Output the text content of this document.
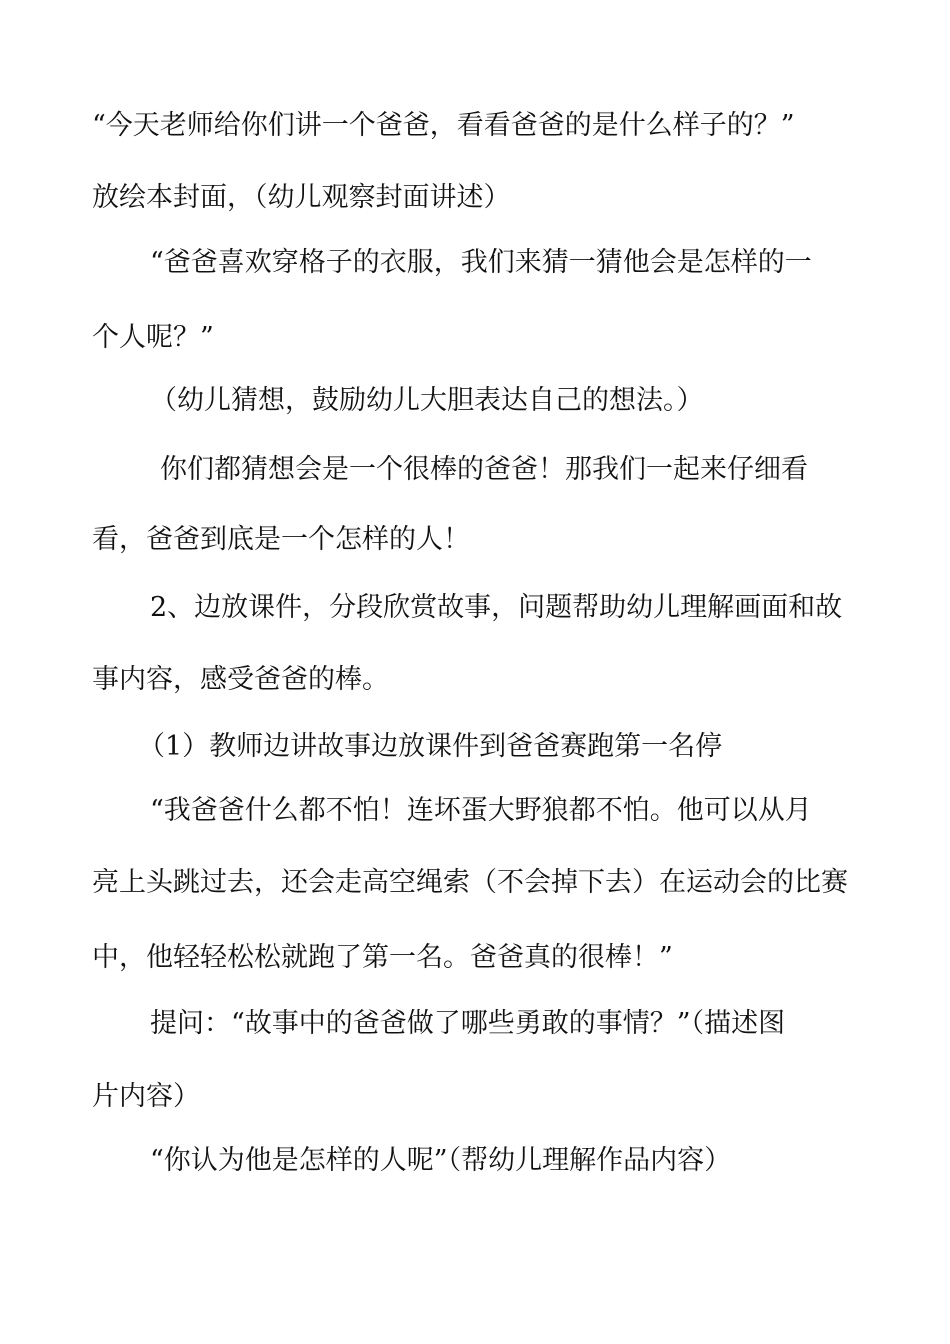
“今天老师给你们讲一个爸爸，看看爸爸的是什么样子的？”

放绘本封面，（幼儿观察封面讲述）

“爸爸喜欢穿格子的衣服，我们来猜一猜他会是怎样的一

个人呢？”

（幼儿猜想，鼓励幼儿大胆表达自己的想法。）

你们都猜想会是一个很棒的爸爸！那我们一起来仔细看

看，爸爸到底是一个怎样的人！

2、边放课件，分段欣赏故事，问题帮助幼儿理解画面和故

事内容，感受爸爸的棒。

（1）教师边讲故事边放课件到爸爸赛跑第一名停

“我爸爸什么都不怕！连坏蛋大野狼都不怕。他可以从月

亮上头跳过去，还会走高空绳索（不会掉下去）在运动会的比赛

中，他轻轻松松就跑了第一名。爸爸真的很棒！”

提问：“故事中的爸爸做了哪些勇敢的事情？”（描述图

片内容）

“你认为他是怎样的人呢”（帮幼儿理解作品内容）
